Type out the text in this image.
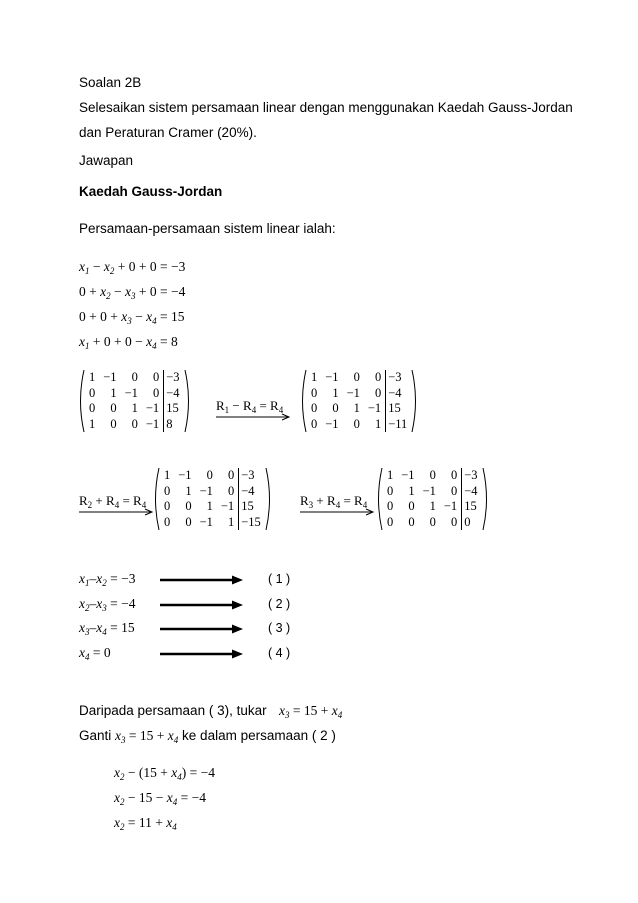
Soalan 2B
Selesaikan sistem persamaan linear dengan menggunakan Kaedah Gauss-Jordan
dan Peraturan Cramer (20%).
Jawapan
Kaedah Gauss-Jordan
Persamaan-persamaan sistem linear ialah:
$x_1 - x_2 + 0 + 0 = -3$
$0 + x_2 - x_3 + 0 = -4$
$0 + 0 + x_3 - x_4 = 15$
$x_1 + 0 + 0 - x_4 = 8$
1	−1	0	0	−3
0	1	−1	0	−4
0	0	1	−1	15
1	0	0	−1	8
$R_1 - R_4 = R_4$
1	−1	0	0	−3
0	1	−1	0	−4
0	0	1	−1	15
0	−1	0	1	−11
$R_2 + R_4 = R_4$
1	−1	0	0	−3
0	1	−1	0	−4
0	0	1	−1	15
0	0	−1	1	−15
$R_3 + R_4 = R_4$
1	−1	0	0	−3
0	1	−1	0	−4
0	0	1	−1	15
0	0	0	0	0
$x_1-x_2 = -3$	( 1 )
$x_2-x_3 = -4$	( 2 )
$x_3-x_4 = 15$	( 3 )
$x_4 = 0$	( 4 )
Daripada persamaan ( 3), tukar $x_3 = 15 + x_4$
Ganti $x_3 = 15 + x_4$ ke dalam persamaan ( 2 )
$x_2 - (15 + x_4) = -4$
$x_2 - 15 - x_4 = -4$
$x_2 = 11 + x_4$
